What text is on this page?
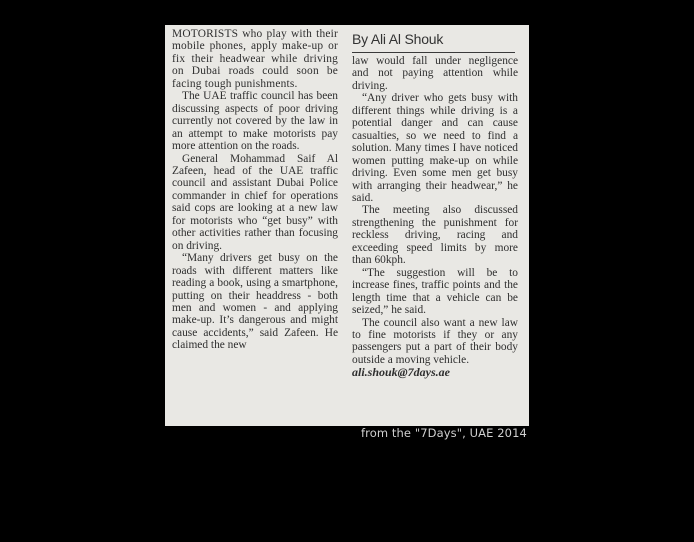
MOTORISTS who play with their mobile phones, apply make-up or fix their headwear while driving on Dubai roads could soon be facing tough punishments.

The UAE traffic council has been discussing aspects of poor driving currently not covered by the law in an attempt to make motorists pay more attention on the roads.

General Mohammad Saif Al Zafeen, head of the UAE traffic council and assistant Dubai Police commander in chief for operations said cops are looking at a new law for motorists who “get busy” with other activities rather than focusing on driving.

“Many drivers get busy on the roads with different matters like reading a book, using a smartphone, putting on their headdress - both men and women - and applying make-up. It’s dangerous and might cause accidents,” said Zafeen. He claimed the new

By Ali Al Shouk

law would fall under negligence and not paying attention while driving.

“Any driver who gets busy with different things while driving is a potential danger and can cause casualties, so we need to find a solution. Many times I have noticed women putting make-up on while driving. Even some men get busy with arranging their headwear,” he said.

The meeting also discussed strengthening the punishment for reckless driving, racing and exceeding speed limits by more than 60kph.

“The suggestion will be to increase fines, traffic points and the length time that a vehicle can be seized,” he said.

The council also want a new law to fine motorists if they or any passengers put a part of their body outside a moving vehicle.

ali.shouk@7days.ae

from the "7Days", UAE 2014
